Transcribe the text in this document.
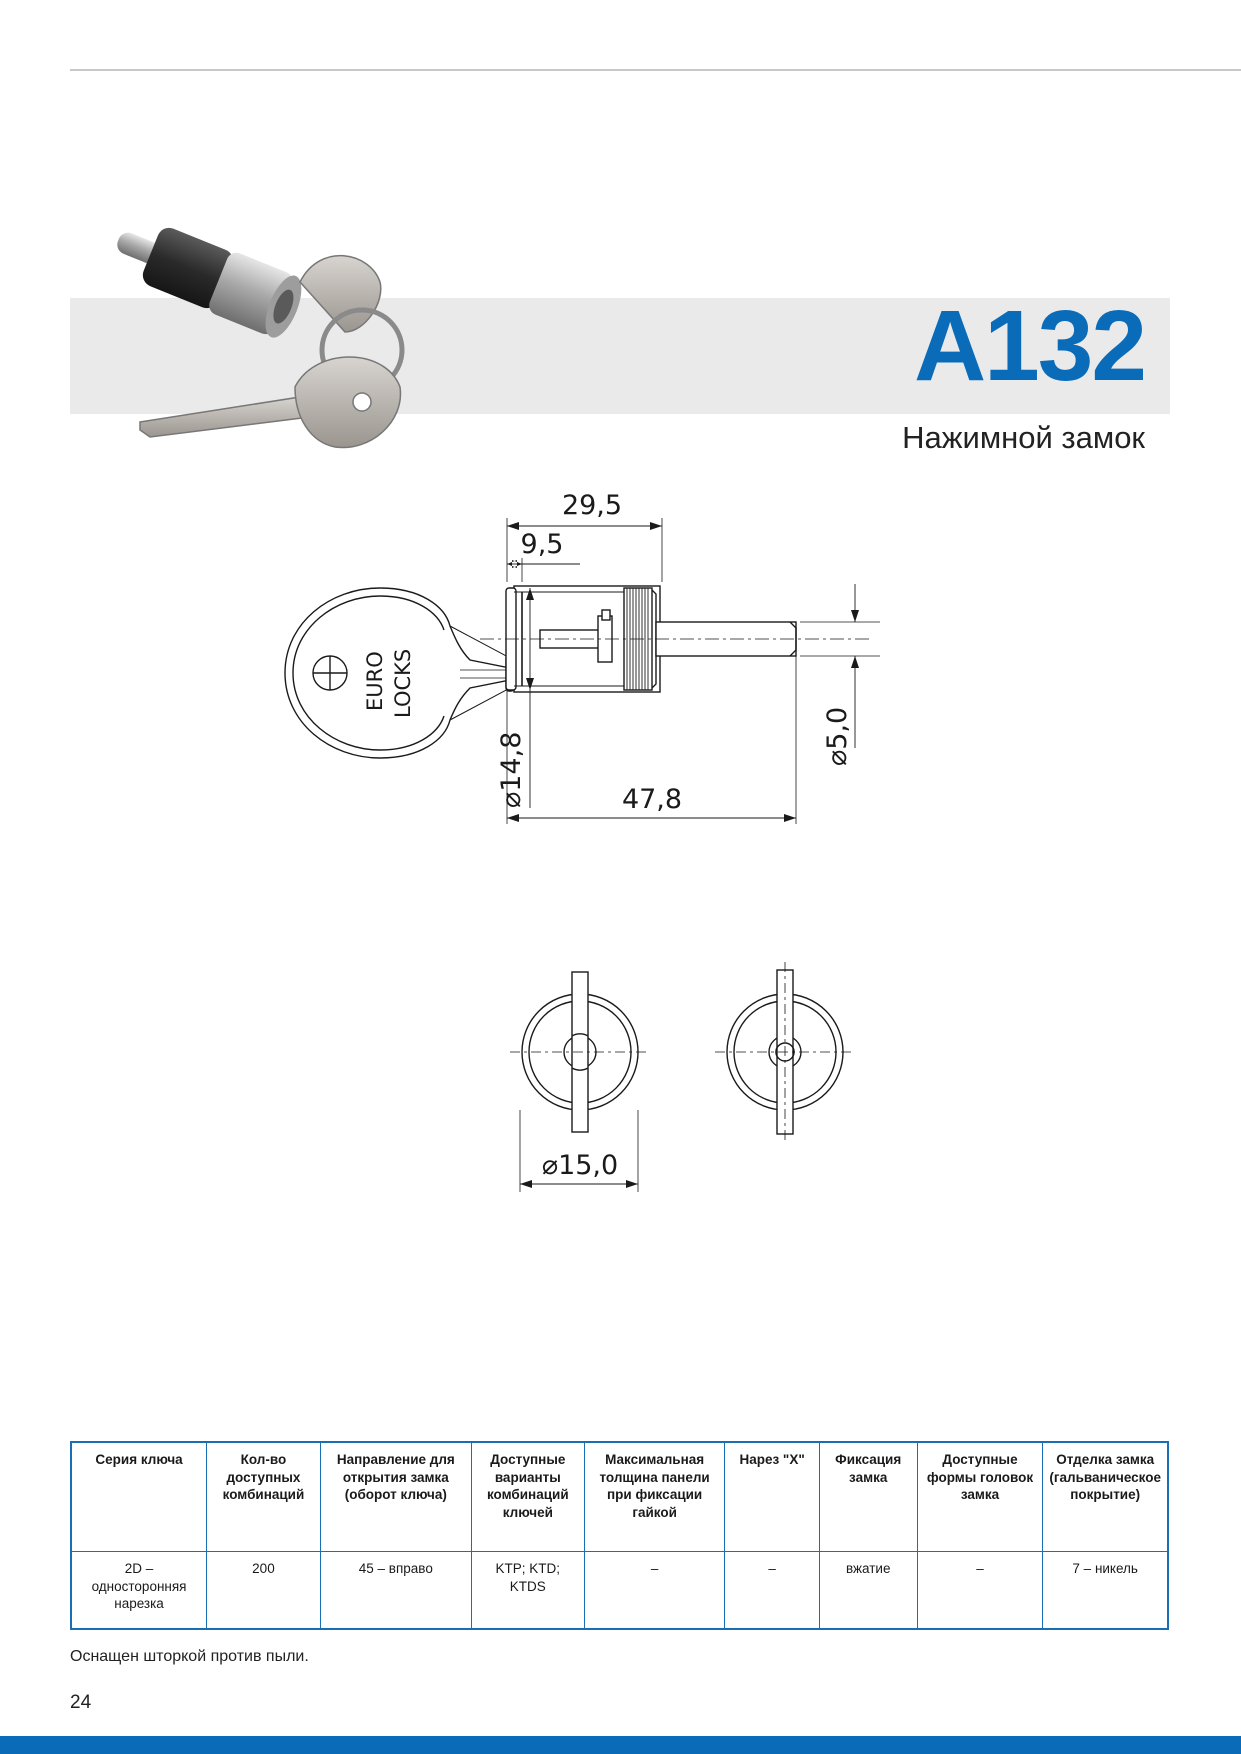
A132
Нажимной замок
EURO LOCKS
29,5
9,5
47,8
⌀14,8	⌀5,0
⌀15,0
Серия ключа	Кол-во доступных комбинаций	Направление для открытия замка (оборот ключа)	Доступные варианты комбинаций ключей	Максимальная толщина панели при фиксации гайкой	Нарез "X"	Фиксация замка	Доступные формы головок замка	Отделка замка (гальваническое покрытие)
2D – односторонняя нарезка	200	45 – вправо	KTP; KTD; KTDS	–	–	вжатие	–	7 – никель
Оснащен шторкой против пыли.
24
